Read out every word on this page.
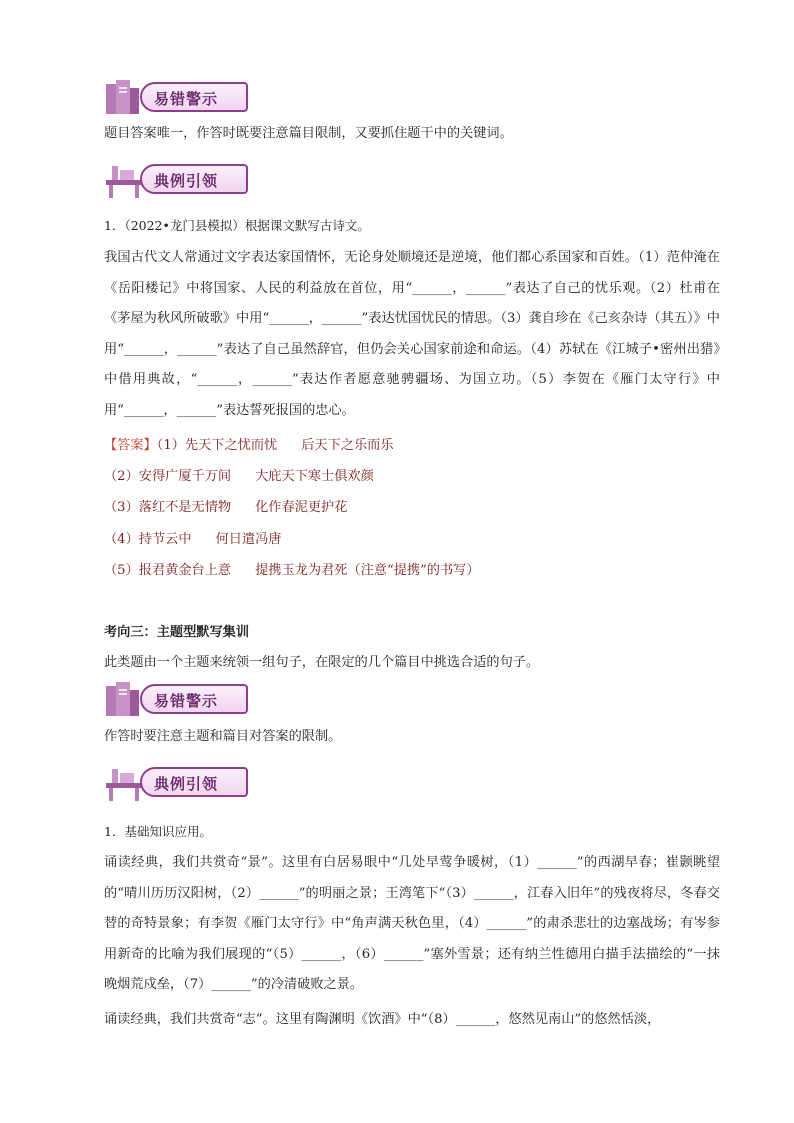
易错警示
题目答案唯一，作答时既要注意篇目限制，又要抓住题干中的关键词。
典例引领
1．（2022•龙门县模拟）根据课文默写古诗文。
我国古代文人常通过文字表达家国情怀，无论身处顺境还是逆境，他们都心系国家和百姓。（1）范仲淹在《岳阳楼记》中将国家、人民的利益放在首位，用“______，______”表达了自己的忧乐观。（2）杜甫在《茅屋为秋风所破歌》中用“______，______”表达忧国忧民的情思。（3）龚自珍在《己亥杂诗（其五）》中用“______，______”表达了自己虽然辞官，但仍会关心国家前途和命运。（4）苏轼在《江城子•密州出猎》中借用典故，“______，______”表达作者愿意驰骋疆场、为国立功。（5）李贺在《雁门太守行》中用“______，______”表达誓死报国的忠心。
【答案】（1）先天下之忧而忧 后天下之乐而乐
（2）安得广厦千万间 大庇天下寒士俱欢颜
（3）落红不是无情物 化作春泥更护花
（4）持节云中 何日遣冯唐
（5）报君黄金台上意 提携玉龙为君死（注意“提携”的书写）
考向三：主题型默写集训
此类题由一个主题来统领一组句子，在限定的几个篇目中挑选合适的句子。
易错警示
作答时要注意主题和篇目对答案的限制。
典例引领
1．基础知识应用。
诵读经典，我们共赏奇“景”。这里有白居易眼中“几处早莺争暖树，（1）______”的西湖早春；崔颢眺望的“晴川历历汉阳树，（2）______”的明丽之景；王湾笔下“（3）______，江春入旧年”的残夜将尽，冬春交替的奇特景象；有李贺《雁门太守行》中“角声满天秋色里，（4）______”的肃杀悲壮的边塞战场；有岑参用新奇的比喻为我们展现的“（5）______，（6）______”塞外雪景；还有纳兰性德用白描手法描绘的“一抹晚烟荒戍垒，（7）______”的冷清破败之景。
诵读经典，我们共赏奇“志”。这里有陶渊明《饮酒》中“（8）______，悠然见南山”的悠然恬淡，
